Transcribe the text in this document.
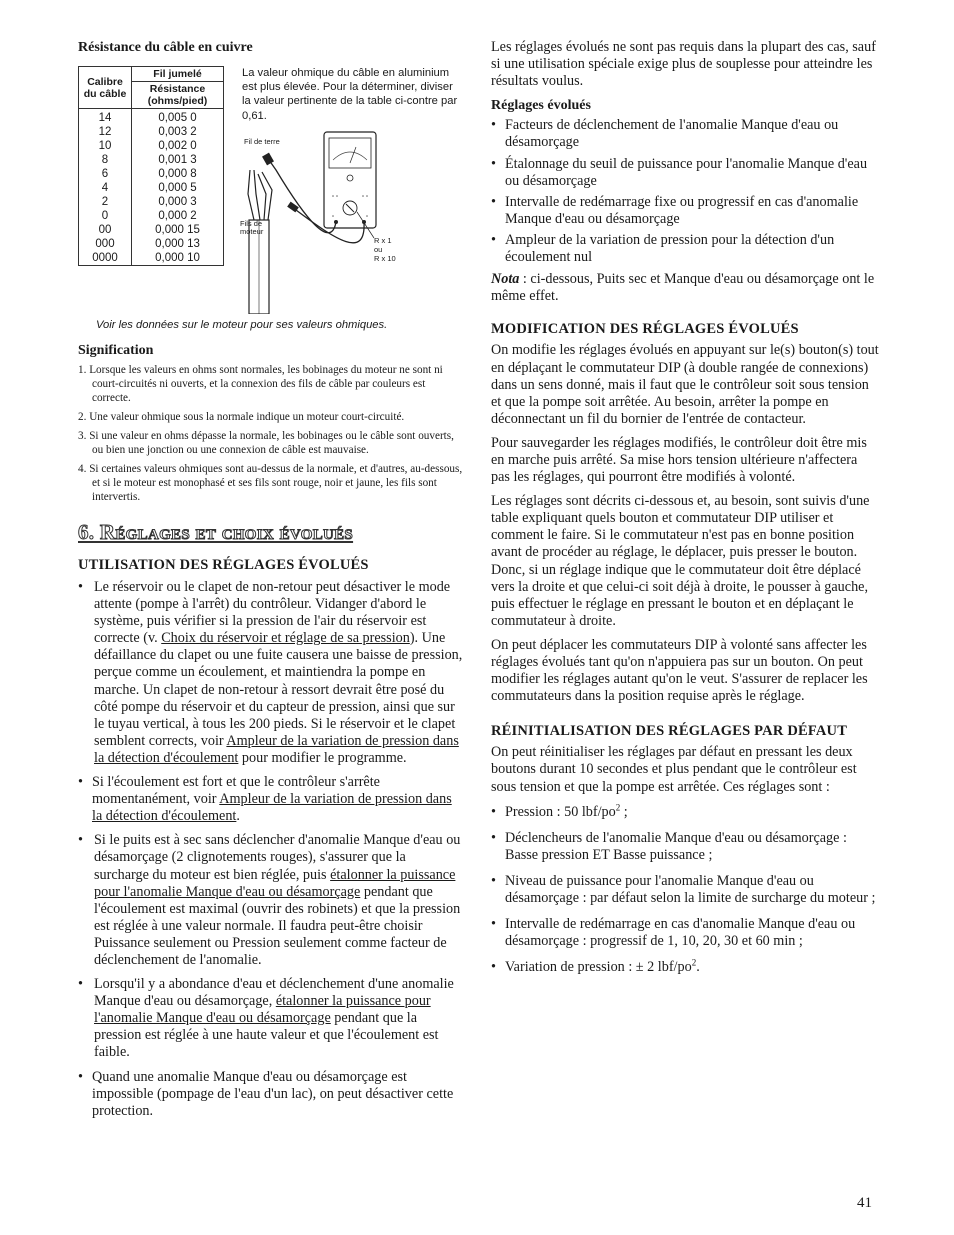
Résistance du câble en cuivre
Calibre du câble	Fil jumelé
	Résistance (ohms/pied)
14	0,005 0
12	0,003 2
10	0,002 0
8	0,001 3
6	0,000 8
4	0,000 5
2	0,000 3
0	0,000 2
00	0,000 15
000	0,000 13
0000	0,000 10
La valeur ohmique du câble en aluminium est plus élevée. Pour la déterminer, diviser la valeur pertinente de la table ci-contre par 0,61.
Fil de terre
Fils de moteur
R x 1
ou
R x 10
Voir les données sur le moteur pour ses valeurs ohmiques.
Signification
1. Lorsque les valeurs en ohms sont normales, les bobinages du moteur ne sont ni court-circuités ni ouverts, et la connexion des fils de câble par couleurs est correcte.
2. Une valeur ohmique sous la normale indique un moteur court-circuité.
3. Si une valeur en ohms dépasse la normale, les bobinages ou le câble sont ouverts, ou bien une jonction ou une connexion de câble est mauvaise.
4. Si certaines valeurs ohmiques sont au-dessus de la normale, et d'autres, au-dessous, et si le moteur est monophasé et ses fils sont rouge, noir et jaune, les fils sont intervertis.
6. Réglages et choix évolués
UTILISATION DES RÉGLAGES ÉVOLUÉS
• Le réservoir ou le clapet de non-retour peut désactiver le mode attente (pompe à l'arrêt) du contrôleur. Vidanger d'abord le système, puis vérifier si la pression de l'air du réservoir est correcte (v. Choix du réservoir et réglage de sa pression). Une défaillance du clapet ou une fuite causera une baisse de pression, perçue comme un écoulement, et maintiendra la pompe en marche. Un clapet de non-retour à ressort devrait être posé du côté pompe du réservoir et du capteur de pression, ainsi que sur le tuyau vertical, à tous les 200 pieds. Si le réservoir et le clapet semblent corrects, voir Ampleur de la variation de pression dans la détection d'écoulement pour modifier le programme.
• Si l'écoulement est fort et que le contrôleur s'arrête momentanément, voir Ampleur de la variation de pression dans la détection d'écoulement.
• Si le puits est à sec sans déclencher d'anomalie Manque d'eau ou désamorçage (2 clignotements rouges), s'assurer que la surcharge du moteur est bien réglée, puis étalonner la puissance pour l'anomalie Manque d'eau ou désamorçage pendant que l'écoulement est maximal (ouvrir des robinets) et que la pression est réglée à une valeur normale. Il faudra peut-être choisir Puissance seulement ou Pression seulement comme facteur de déclenchement de l'anomalie.
• Lorsqu'il y a abondance d'eau et déclenchement d'une anomalie Manque d'eau ou désamorçage, étalonner la puissance pour l'anomalie Manque d'eau ou désamorçage pendant que la pression est réglée à une haute valeur et que l'écoulement est faible.
• Quand une anomalie Manque d'eau ou désamorçage est impossible (pompage de l'eau d'un lac), on peut désactiver cette protection.

Les réglages évolués ne sont pas requis dans la plupart des cas, sauf si une utilisation spéciale exige plus de souplesse pour atteindre les résultats voulus.

Réglages évolués

• Facteurs de déclenchement de l'anomalie Manque d'eau ou désamorçage
• Étalonnage du seuil de puissance pour l'anomalie Manque d'eau ou désamorçage
• Intervalle de redémarrage fixe ou progressif en cas d'anomalie Manque d'eau ou désamorçage
• Ampleur de la variation de pression pour la détection d'un écoulement nul

Nota : ci-dessous, Puits sec et Manque d'eau ou désamorçage ont le même effet.

MODIFICATION DES RÉGLAGES ÉVOLUÉS

On modifie les réglages évolués en appuyant sur le(s) bouton(s) tout en déplaçant le commutateur DIP (à double rangée de connexions) dans un sens donné, mais il faut que le contrôleur soit sous tension et que la pompe soit arrêtée. Au besoin, arrêter la pompe en déconnectant un fil du bornier de l'entrée de contacteur.

Pour sauvegarder les réglages modifiés, le contrôleur doit être mis en marche puis arrêté. Sa mise hors tension ultérieure n'affectera pas les réglages, qui pourront être modifiés à volonté.

Les réglages sont décrits ci-dessous et, au besoin, sont suivis d'une table expliquant quels bouton et commutateur DIP utiliser et comment le faire. Si le commutateur n'est pas en bonne position avant de procéder au réglage, le déplacer, puis presser le bouton. Donc, si un réglage indique que le commutateur doit être déplacé vers la droite et que celui-ci soit déjà à droite, le pousser à gauche, puis effectuer le réglage en pressant le bouton et en déplaçant le commutateur à droite.

On peut déplacer les commutateurs DIP à volonté sans affecter les réglages évolués tant qu'on n'appuiera pas sur un bouton. On peut modifier les réglages autant qu'on le veut. S'assurer de replacer les commutateurs dans la position requise après le réglage.

RÉINITIALISATION DES RÉGLAGES PAR DÉFAUT

On peut réinitialiser les réglages par défaut en pressant les deux boutons durant 10 secondes et plus pendant que le contrôleur est sous tension et que la pompe est arrêtée. Ces réglages sont :

• Pression : 50 lbf/$po^2$ ;
• Déclencheurs de l'anomalie Manque d'eau ou désamorçage : Basse pression ET Basse puissance ;
• Niveau de puissance pour l'anomalie Manque d'eau ou désamorçage : par défaut selon la limite de surcharge du moteur ;
• Intervalle de redémarrage en cas d'anomalie Manque d'eau ou désamorçage : progressif de 1, 10, 20, 30 et 60 min ;
• Variation de pression : ± 2 lbf/$po^2$.
41
